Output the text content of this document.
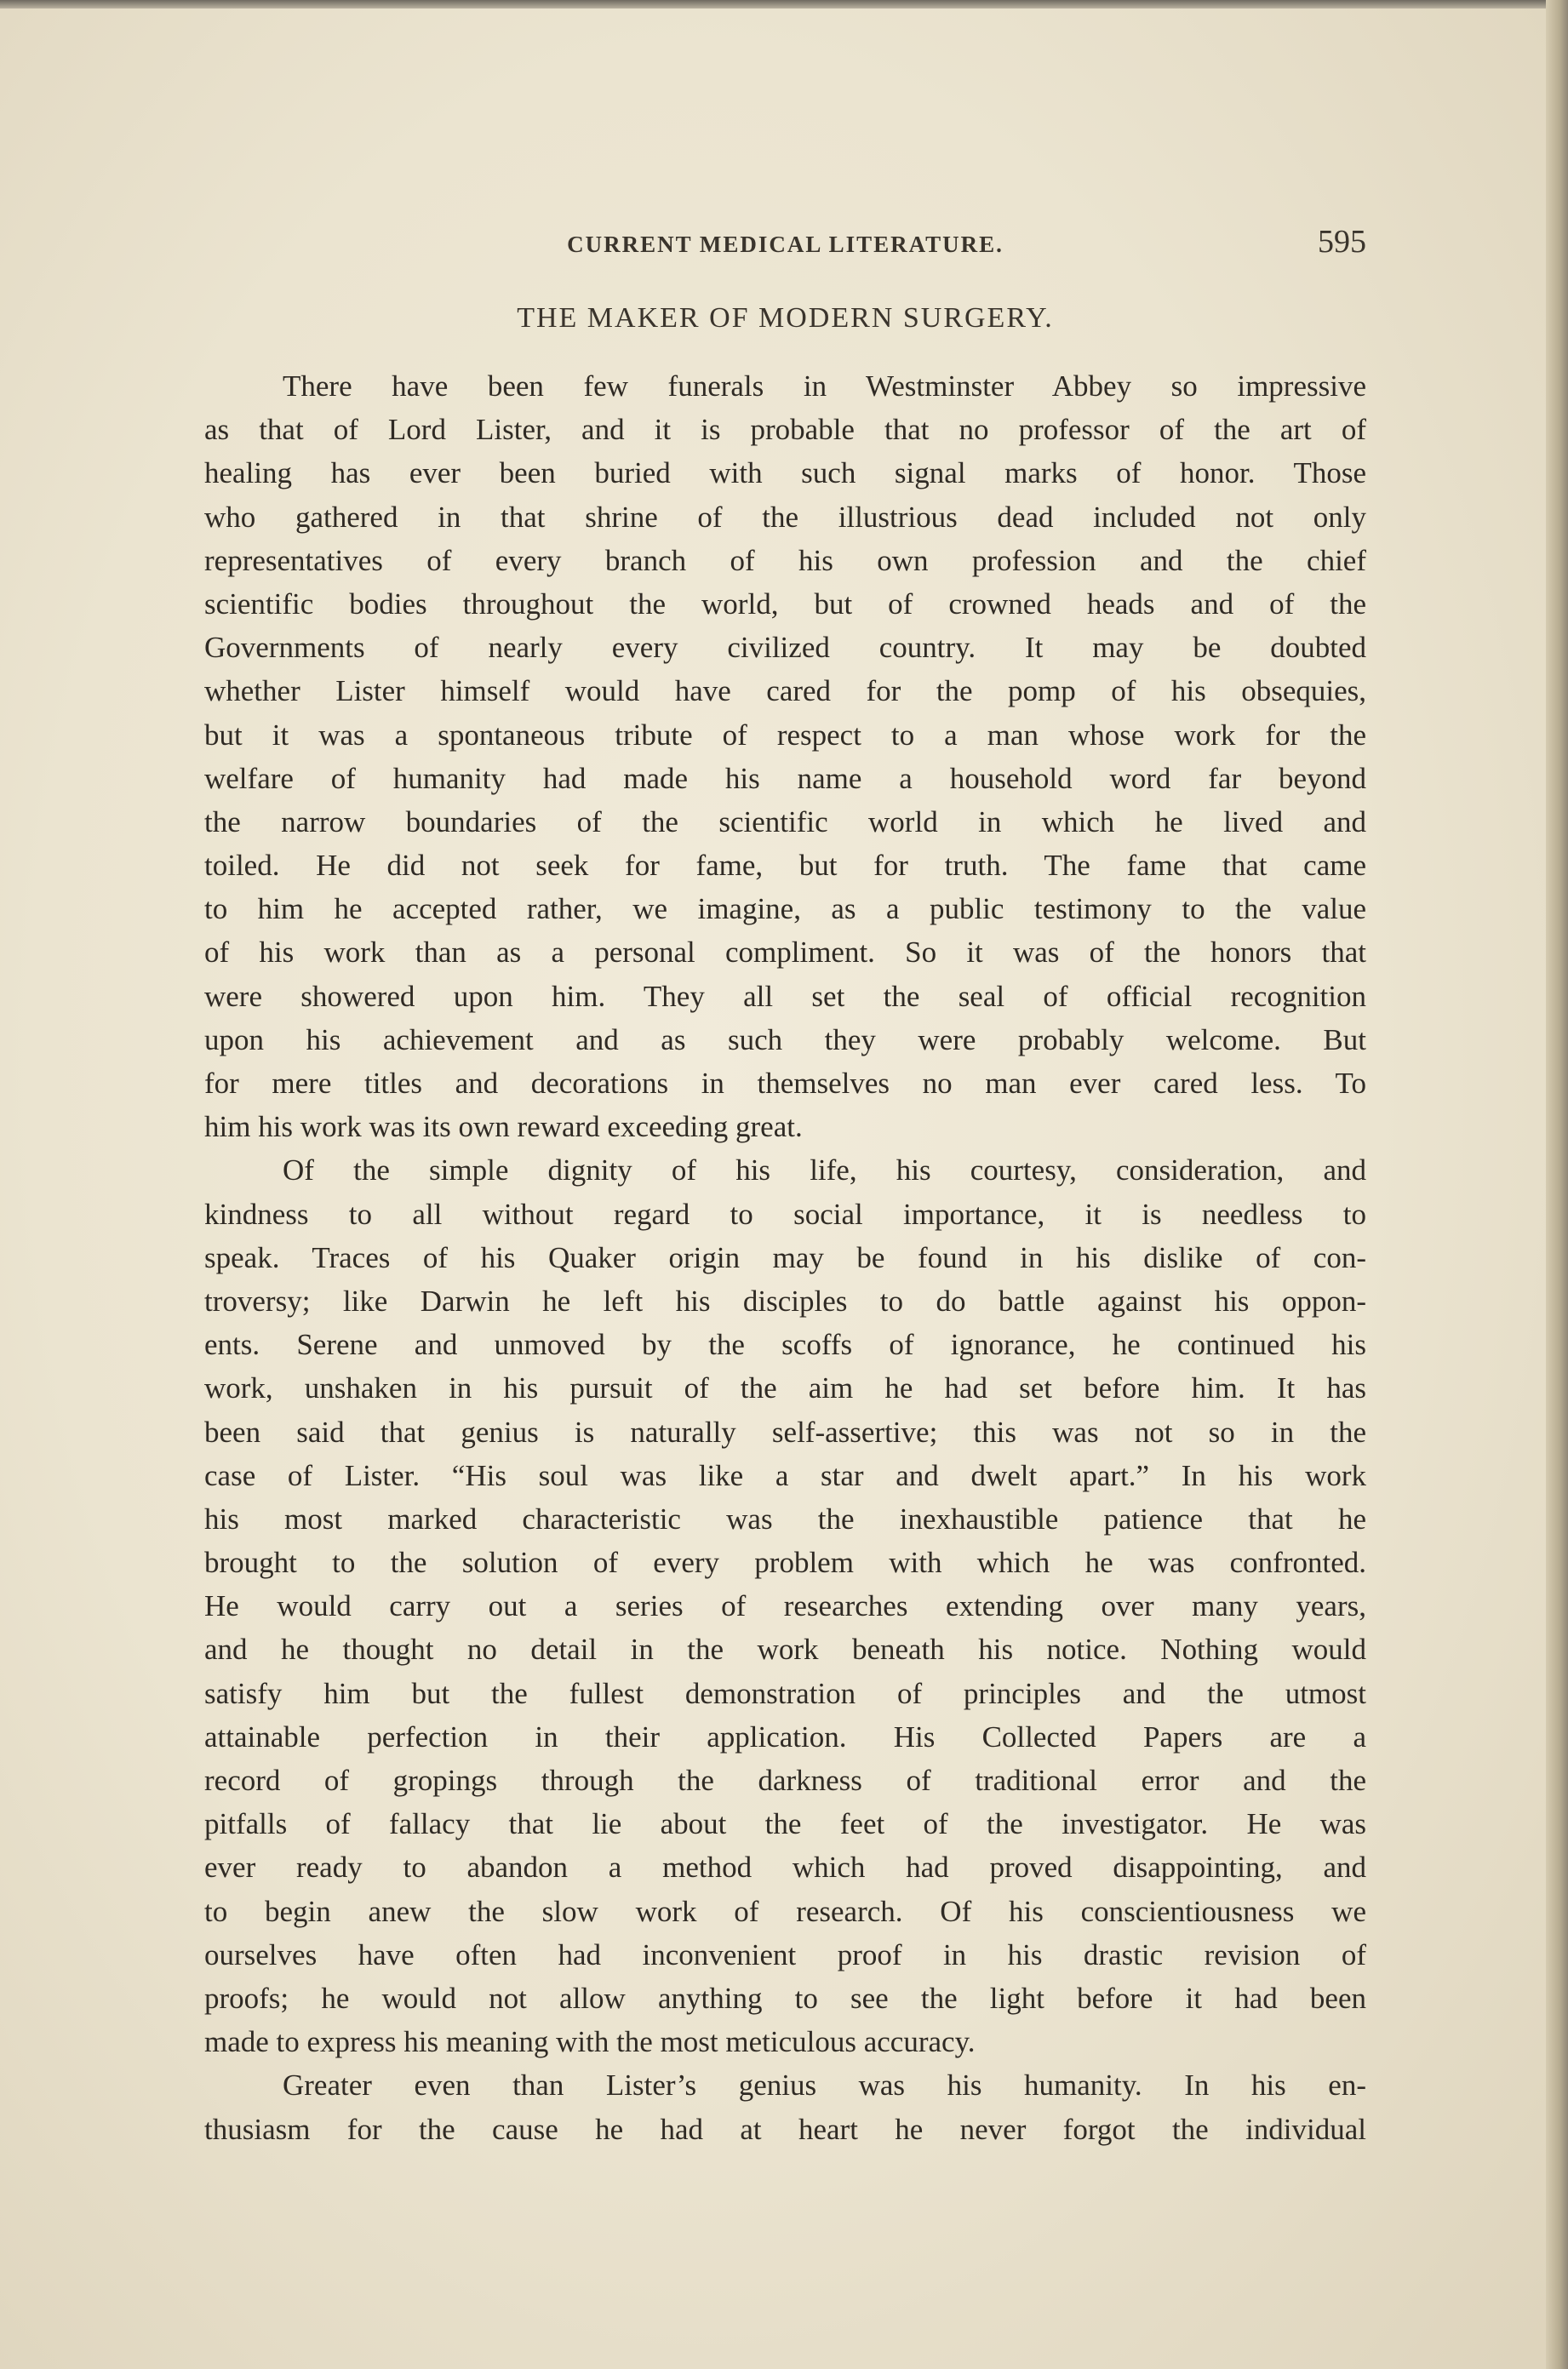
CURRENT MEDICAL LITERATURE.	595
THE MAKER OF MODERN SURGERY.
There have been few funerals in Westminster Abbey so impressive
as that of Lord Lister, and it is probable that no professor of the art of
healing has ever been buried with such signal marks of honor. Those
who gathered in that shrine of the illustrious dead included not only
representatives of every branch of his own profession and the chief
scientific bodies throughout the world, but of crowned heads and of the
Governments of nearly every civilized country. It may be doubted
whether Lister himself would have cared for the pomp of his obsequies,
but it was a spontaneous tribute of respect to a man whose work for the
welfare of humanity had made his name a household word far beyond
the narrow boundaries of the scientific world in which he lived and
toiled. He did not seek for fame, but for truth. The fame that came
to him he accepted rather, we imagine, as a public testimony to the value
of his work than as a personal compliment. So it was of the honors that
were showered upon him. They all set the seal of official recognition
upon his achievement and as such they were probably welcome. But
for mere titles and decorations in themselves no man ever cared less. To
him his work was its own reward exceeding great.
Of the simple dignity of his life, his courtesy, consideration, and
kindness to all without regard to social importance, it is needless to
speak. Traces of his Quaker origin may be found in his dislike of con-
troversy; like Darwin he left his disciples to do battle against his oppon-
ents. Serene and unmoved by the scoffs of ignorance, he continued his
work, unshaken in his pursuit of the aim he had set before him. It has
been said that genius is naturally self-assertive; this was not so in the
case of Lister. “His soul was like a star and dwelt apart.” In his work
his most marked characteristic was the inexhaustible patience that he
brought to the solution of every problem with which he was confronted.
He would carry out a series of researches extending over many years,
and he thought no detail in the work beneath his notice. Nothing would
satisfy him but the fullest demonstration of principles and the utmost
attainable perfection in their application. His Collected Papers are a
record of gropings through the darkness of traditional error and the
pitfalls of fallacy that lie about the feet of the investigator. He was
ever ready to abandon a method which had proved disappointing, and
to begin anew the slow work of research. Of his conscientiousness we
ourselves have often had inconvenient proof in his drastic revision of
proofs; he would not allow anything to see the light before it had been
made to express his meaning with the most meticulous accuracy.
Greater even than Lister’s genius was his humanity. In his en-
thusiasm for the cause he had at heart he never forgot the individual
